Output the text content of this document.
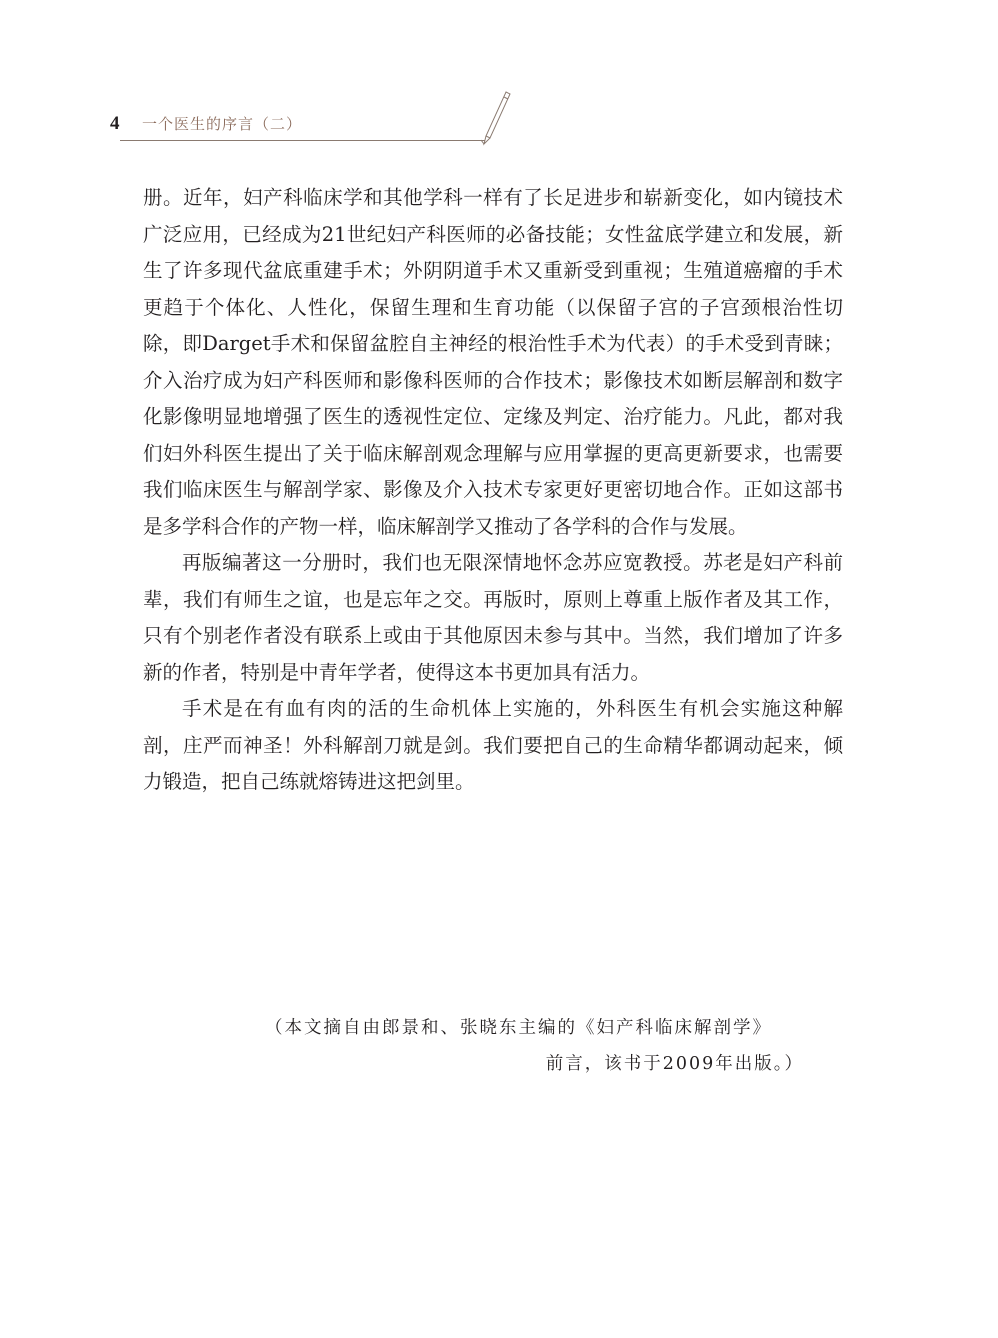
4 一个医生的序言（二）

册。近年，妇产科临床学和其他学科一样有了长足进步和崭新变化，如内镜技术广泛应用，已经成为21世纪妇产科医师的必备技能；女性盆底学建立和发展，新生了许多现代盆底重建手术；外阴阴道手术又重新受到重视；生殖道癌瘤的手术更趋于个体化、人性化，保留生理和生育功能（以保留子宫的子宫颈根治性切除，即Darget手术和保留盆腔自主神经的根治性手术为代表）的手术受到青睐；介入治疗成为妇产科医师和影像科医师的合作技术；影像技术如断层解剖和数字化影像明显地增强了医生的透视性定位、定缘及判定、治疗能力。凡此，都对我们妇外科医生提出了关于临床解剖观念理解与应用掌握的更高更新要求，也需要我们临床医生与解剖学家、影像及介入技术专家更好更密切地合作。正如这部书是多学科合作的产物一样，临床解剖学又推动了各学科的合作与发展。

再版编著这一分册时，我们也无限深情地怀念苏应宽教授。苏老是妇产科前辈，我们有师生之谊，也是忘年之交。再版时，原则上尊重上版作者及其工作，只有个别老作者没有联系上或由于其他原因未参与其中。当然，我们增加了许多新的作者，特别是中青年学者，使得这本书更加具有活力。

手术是在有血有肉的活的生命机体上实施的，外科医生有机会实施这种解剖，庄严而神圣！外科解剖刀就是剑。我们要把自己的生命精华都调动起来，倾力锻造，把自己练就熔铸进这把剑里。

（本文摘自由郎景和、张晓东主编的《妇产科临床解剖学》
前言，该书于2009年出版。）
